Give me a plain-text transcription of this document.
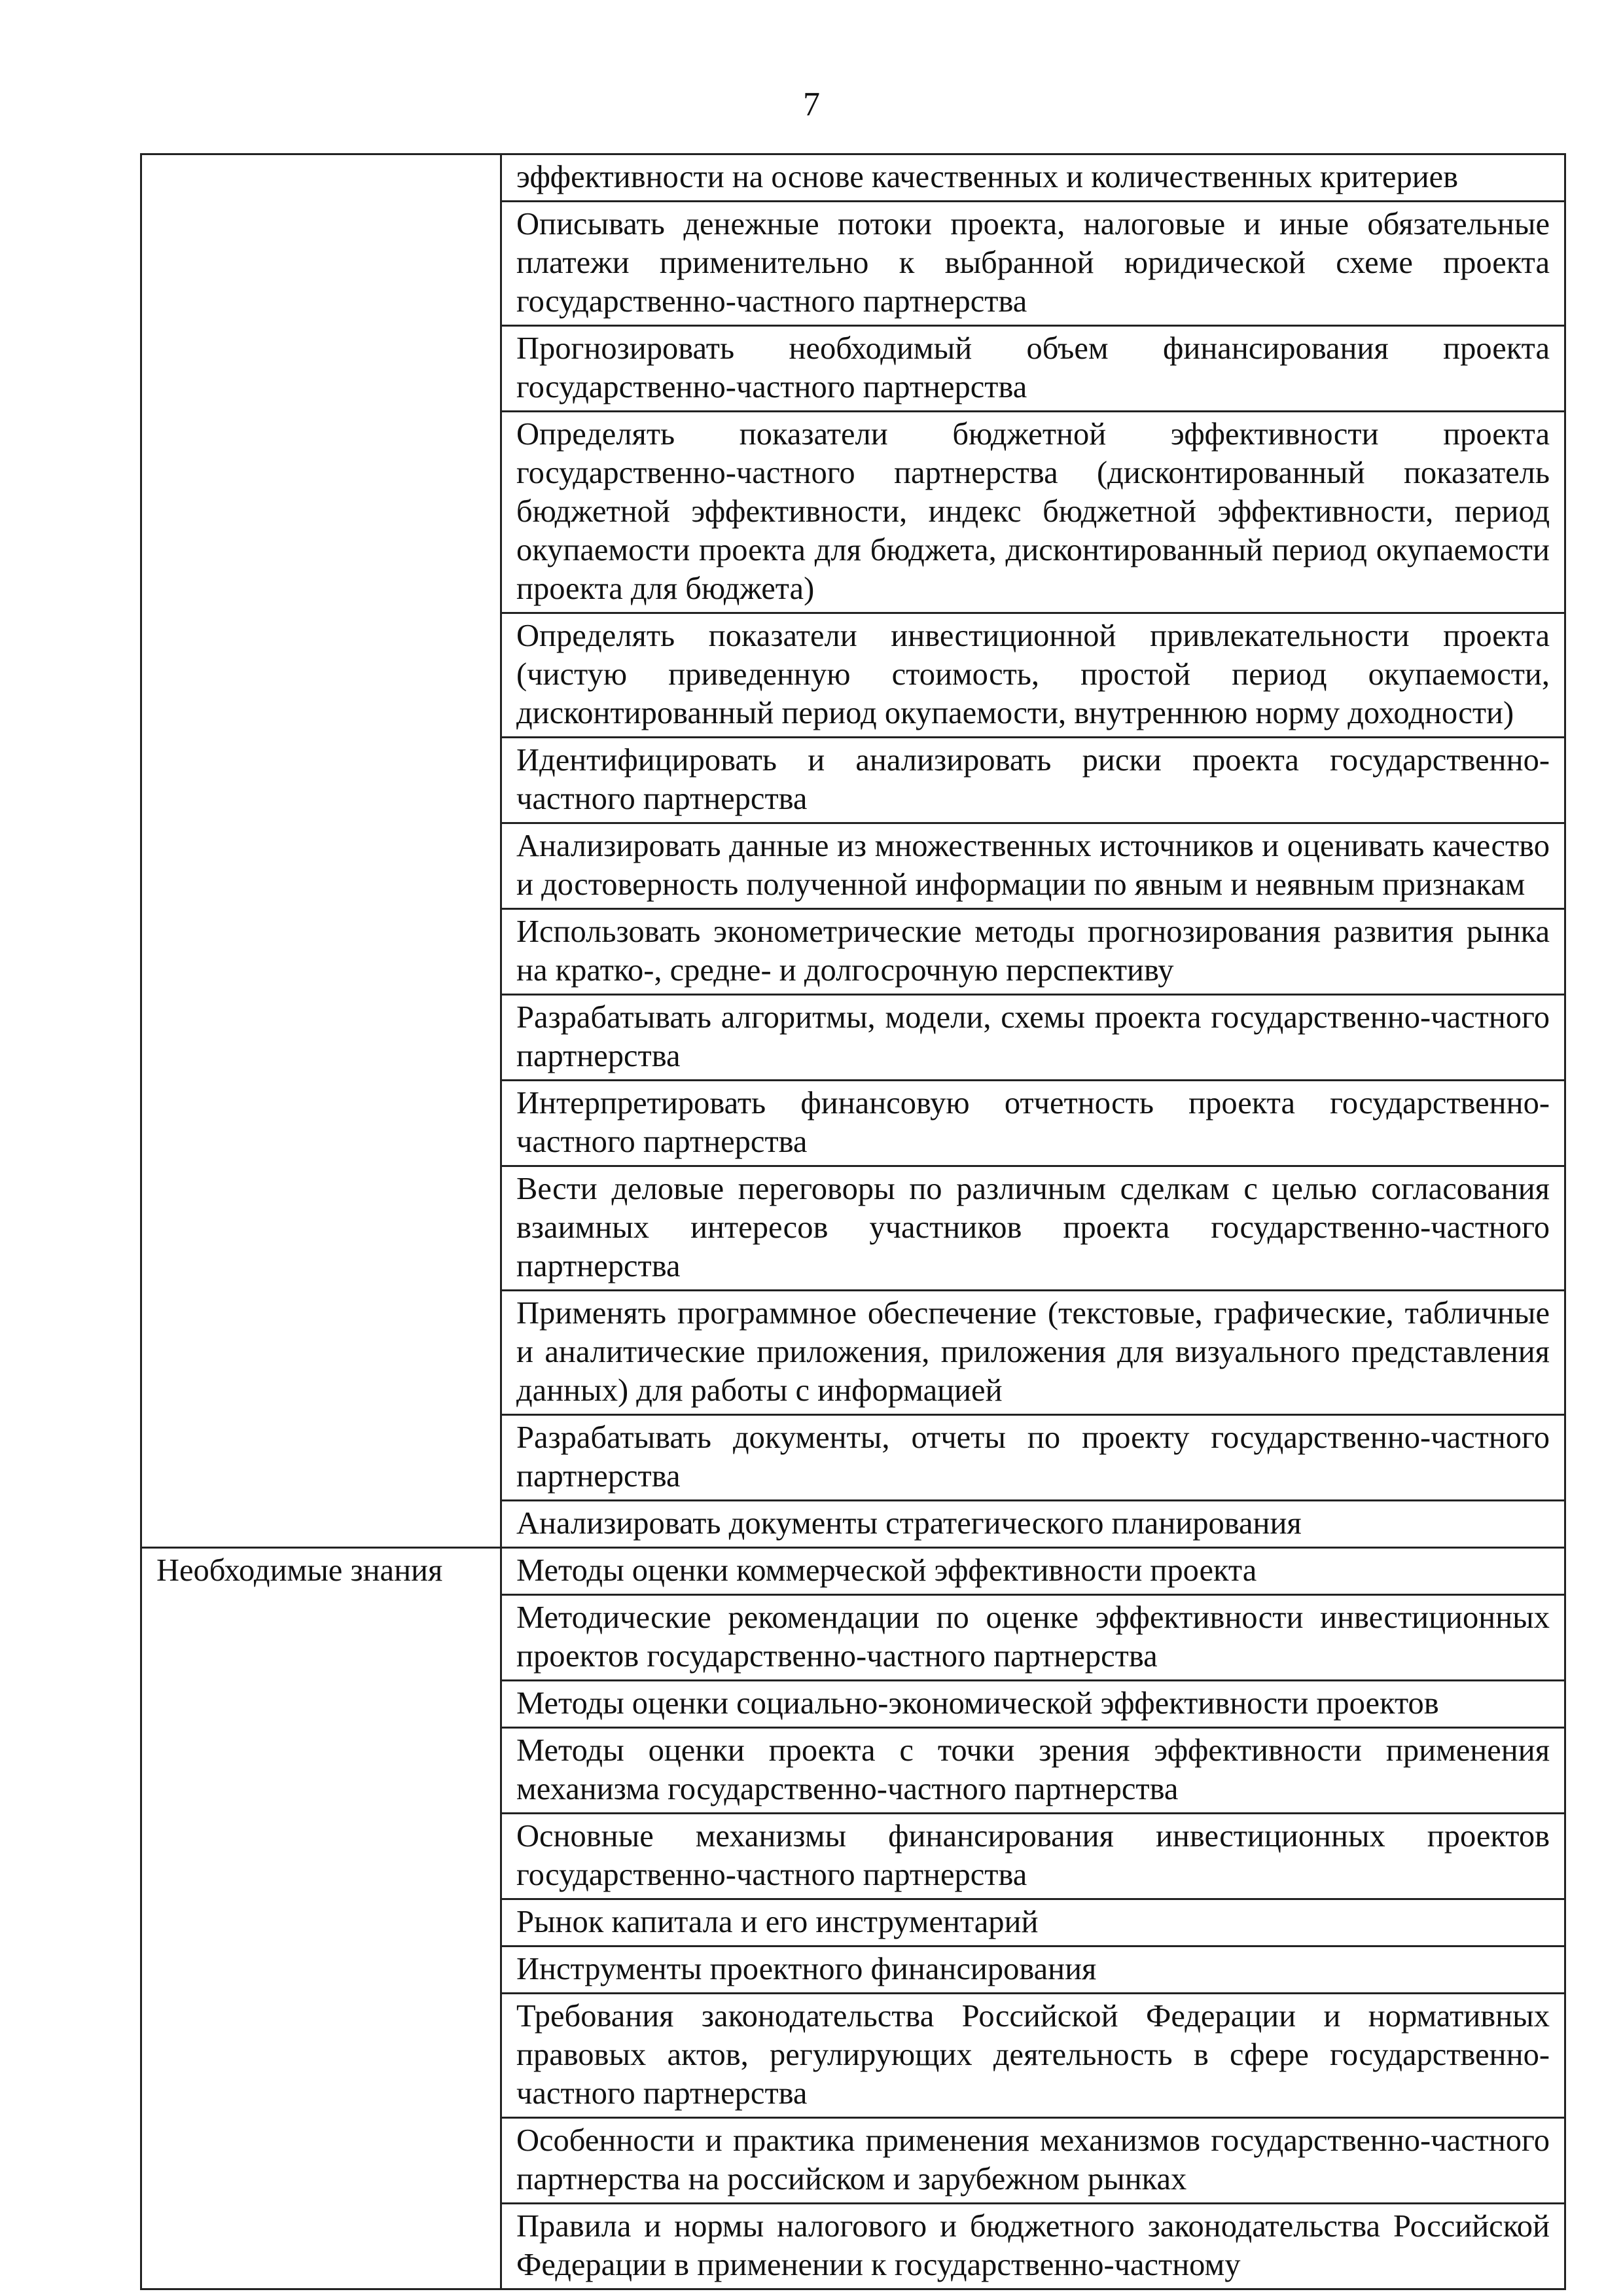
7
	эффективности на основе качественных и количественных критериев
	Описывать денежные потоки проекта, налоговые и иные обязательные платежи применительно к выбранной юридической схеме проекта государственно-частного партнерства
	Прогнозировать необходимый объем финансирования проекта государственно-частного партнерства
	Определять показатели бюджетной эффективности проекта государственно-частного партнерства (дисконтированный показатель бюджетной эффективности, индекс бюджетной эффективности, период окупаемости проекта для бюджета, дисконтированный период окупаемости проекта для бюджета)
	Определять показатели инвестиционной привлекательности проекта (чистую приведенную стоимость, простой период окупаемости, дисконтированный период окупаемости, внутреннюю норму доходности)
	Идентифицировать и анализировать риски проекта государственно-частного партнерства
	Анализировать данные из множественных источников и оценивать качество и достоверность полученной информации по явным и неявным признакам
	Использовать эконометрические методы прогнозирования развития рынка на кратко-, средне- и долгосрочную перспективу
	Разрабатывать алгоритмы, модели, схемы проекта государственно-частного партнерства
	Интерпретировать финансовую отчетность проекта государственно-частного партнерства
	Вести деловые переговоры по различным сделкам с целью согласования взаимных интересов участников проекта государственно-частного партнерства
	Применять программное обеспечение (текстовые, графические, табличные и аналитические приложения, приложения для визуального представления данных) для работы с информацией
	Разрабатывать документы, отчеты по проекту государственно-частного партнерства
	Анализировать документы стратегического планирования
Необходимые знания	Методы оценки коммерческой эффективности проекта
	Методические рекомендации по оценке эффективности инвестиционных проектов государственно-частного партнерства
	Методы оценки социально-экономической эффективности проектов
	Методы оценки проекта с точки зрения эффективности применения механизма государственно-частного партнерства
	Основные механизмы финансирования инвестиционных проектов государственно-частного партнерства
	Рынок капитала и его инструментарий
	Инструменты проектного финансирования
	Требования законодательства Российской Федерации и нормативных правовых актов, регулирующих деятельность в сфере государственно-частного партнерства
	Особенности и практика применения механизмов государственно-частного партнерства на российском и зарубежном рынках
	Правила и нормы налогового и бюджетного законодательства Российской Федерации в применении к государственно-частному
